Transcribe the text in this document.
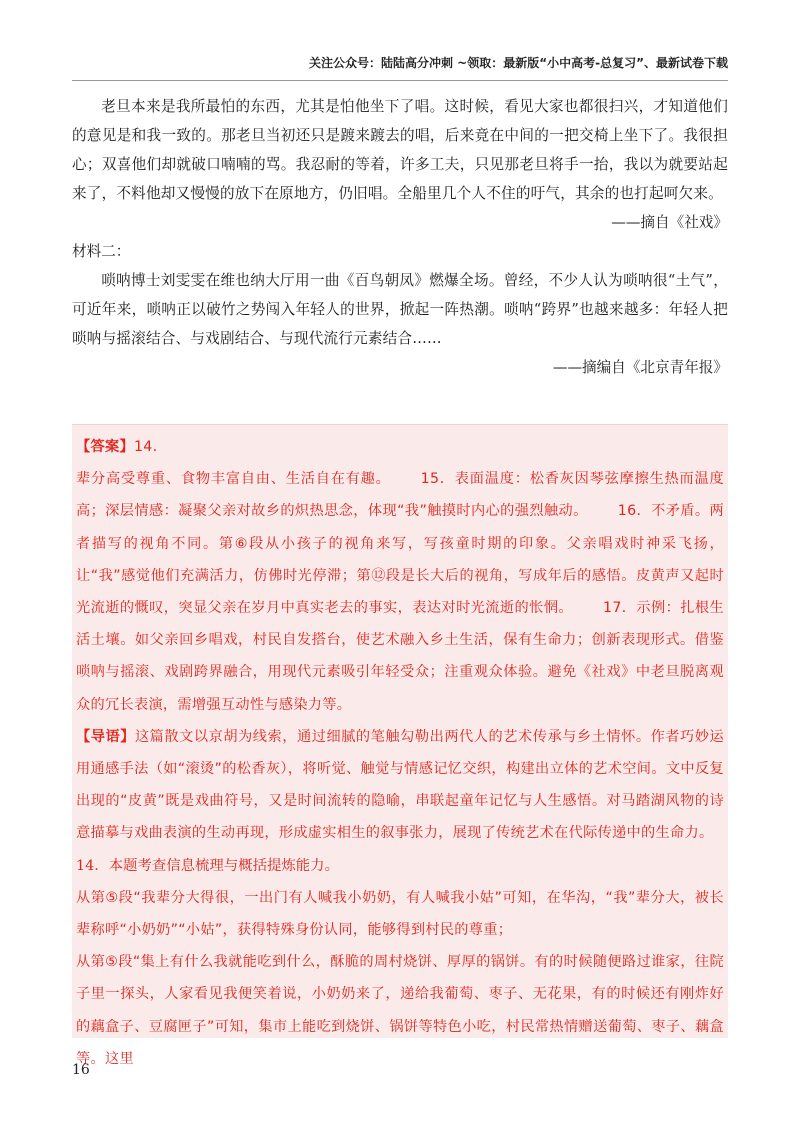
关注公众号：陆陆高分冲刺 ~领取：最新版“小中高考-总复习”、最新试卷下载

老旦本来是我所最怕的东西，尤其是怕他坐下了唱。这时候，看见大家也都很扫兴，才知道他们的意见是和我一致的。那老旦当初还只是踱来踱去的唱，后来竟在中间的一把交椅上坐下了。我很担心；双喜他们却就破口喃喃的骂。我忍耐的等着，许多工夫，只见那老旦将手一抬，我以为就要站起来了，不料他却又慢慢的放下在原地方，仍旧唱。全船里几个人不住的吁气，其余的也打起呵欠来。

——摘自《社戏》

材料二：

唢呐博士刘雯雯在维也纳大厅用一曲《百鸟朝凤》燃爆全场。曾经，不少人认为唢呐很“土气”，可近年来，唢呐正以破竹之势闯入年轻人的世界，掀起一阵热潮。唢呐“跨界”也越来越多：年轻人把唢呐与摇滚结合、与戏剧结合、与现代流行元素结合……

——摘编自《北京青年报》

【答案】14.

辈分高受尊重、食物丰富自由、生活自在有趣。 15．表面温度：松香灰因琴弦摩擦生热而温度高；深层情感：凝聚父亲对故乡的炽热思念，体现“我”触摸时内心的强烈触动。 16．不矛盾。两者描写的视角不同。第⑥段从小孩子的视角来写，写孩童时期的印象。父亲唱戏时神采飞扬，让“我”感觉他们充满活力，仿佛时光停滞；第⑫段是长大后的视角，写成年后的感悟。皮黄声又起时光流逝的慨叹，突显父亲在岁月中真实老去的事实，表达对时光流逝的怅惘。 17．示例：扎根生活土壤。如父亲回乡唱戏，村民自发搭台，使艺术融入乡土生活，保有生命力；创新表现形式。借鉴唢呐与摇滚、戏剧跨界融合，用现代元素吸引年轻受众；注重观众体验。避免《社戏》中老旦脱离观众的冗长表演，需增强互动性与感染力等。

【导语】这篇散文以京胡为线索，通过细腻的笔触勾勒出两代人的艺术传承与乡土情怀。作者巧妙运用通感手法（如“滚烫”的松香灰），将听觉、触觉与情感记忆交织，构建出立体的艺术空间。文中反复出现的“皮黄”既是戏曲符号，又是时间流转的隐喻，串联起童年记忆与人生感悟。对马踏湖风物的诗意描摹与戏曲表演的生动再现，形成虚实相生的叙事张力，展现了传统艺术在代际传递中的生命力。

14．本题考查信息梳理与概括提炼能力。

从第⑤段“我辈分大得很，一出门有人喊我小奶奶，有人喊我小姑”可知，在华沟，“我”辈分大，被长辈称呼“小奶奶”“小姑”，获得特殊身份认同，能够得到村民的尊重；

从第⑤段“集上有什么我就能吃到什么，酥脆的周村烧饼、厚厚的锅饼。有的时候随便路过谁家，往院子里一探头，人家看见我便笑着说，小奶奶来了，递给我葡萄、枣子、无花果，有的时候还有刚炸好的藕盒子、豆腐匣子”可知，集市上能吃到烧饼、锅饼等特色小吃，村民常热情赠送葡萄、枣子、藕盒等。这里

16
